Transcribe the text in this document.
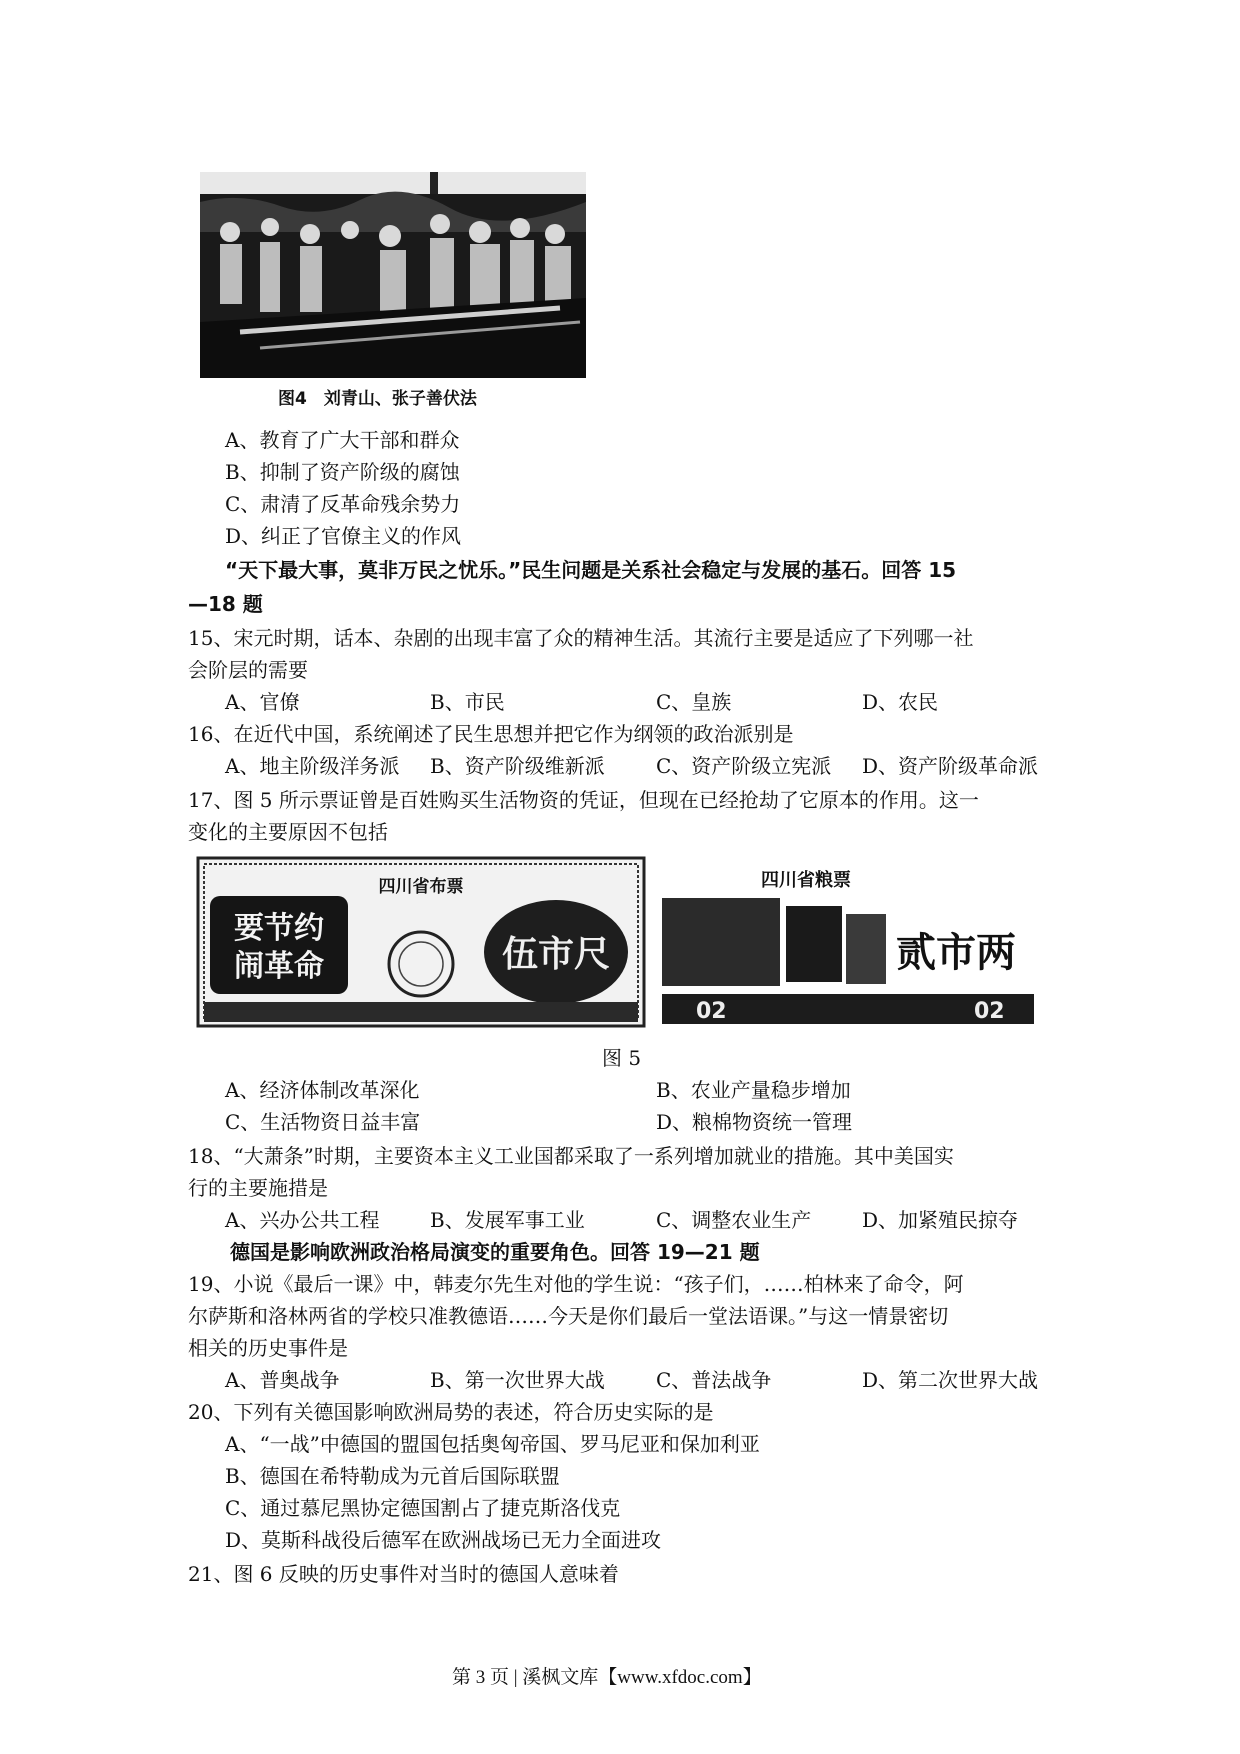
图4　刘青山、张子善伏法
A、教育了广大干部和群众
B、抑制了资产阶级的腐蚀
C、肃清了反革命残余势力
D、纠正了官僚主义的作风
“天下最大事，莫非万民之忧乐。”民生问题是关系社会稳定与发展的基石。回答 15
—18 题
15、宋元时期，话本、杂剧的出现丰富了众的精神生活。其流行主要是适应了下列哪一社
会阶层的需要
A、官僚	B、市民	C、皇族	D、农民
16、在近代中国，系统阐述了民生思想并把它作为纲领的政治派别是
A、地主阶级洋务派 B、资产阶级维新派	C、资产阶级立宪派 D、资产阶级革命派
17、图 5 所示票证曾是百姓购买生活物资的凭证，但现在已经抢劫了它原本的作用。这一
变化的主要原因不包括
要节约
闹革命
四川省布票
伍市尺
四川省粮票
贰市两
02	02
图 5
A、经济体制改革深化	B、农业产量稳步增加
C、生活物资日益丰富	D、粮棉物资统一管理
18、“大萧条”时期，主要资本主义工业国都采取了一系列增加就业的措施。其中美国实
行的主要施措是
A、兴办公共工程	B、发展军事工业	C、调整农业生产	D、加紧殖民掠夺
德国是影响欧洲政治格局演变的重要角色。回答 19—21 题
19、小说《最后一课》中，韩麦尔先生对他的学生说：“孩子们，……柏林来了命令，阿
尔萨斯和洛林两省的学校只准教德语……今天是你们最后一堂法语课。”与这一情景密切
相关的历史事件是
A、普奥战争	B、第一次世界大战	C、普法战争	D、第二次世界大战
20、下列有关德国影响欧洲局势的表述，符合历史实际的是
A、“一战”中德国的盟国包括奥匈帝国、罗马尼亚和保加利亚
B、德国在希特勒成为元首后国际联盟
C、通过慕尼黑协定德国割占了捷克斯洛伐克
D、莫斯科战役后德军在欧洲战场已无力全面进攻
21、图 6 反映的历史事件对当时的德国人意味着
第 3 页 | 溪枫文库【www.xfdoc.com】
